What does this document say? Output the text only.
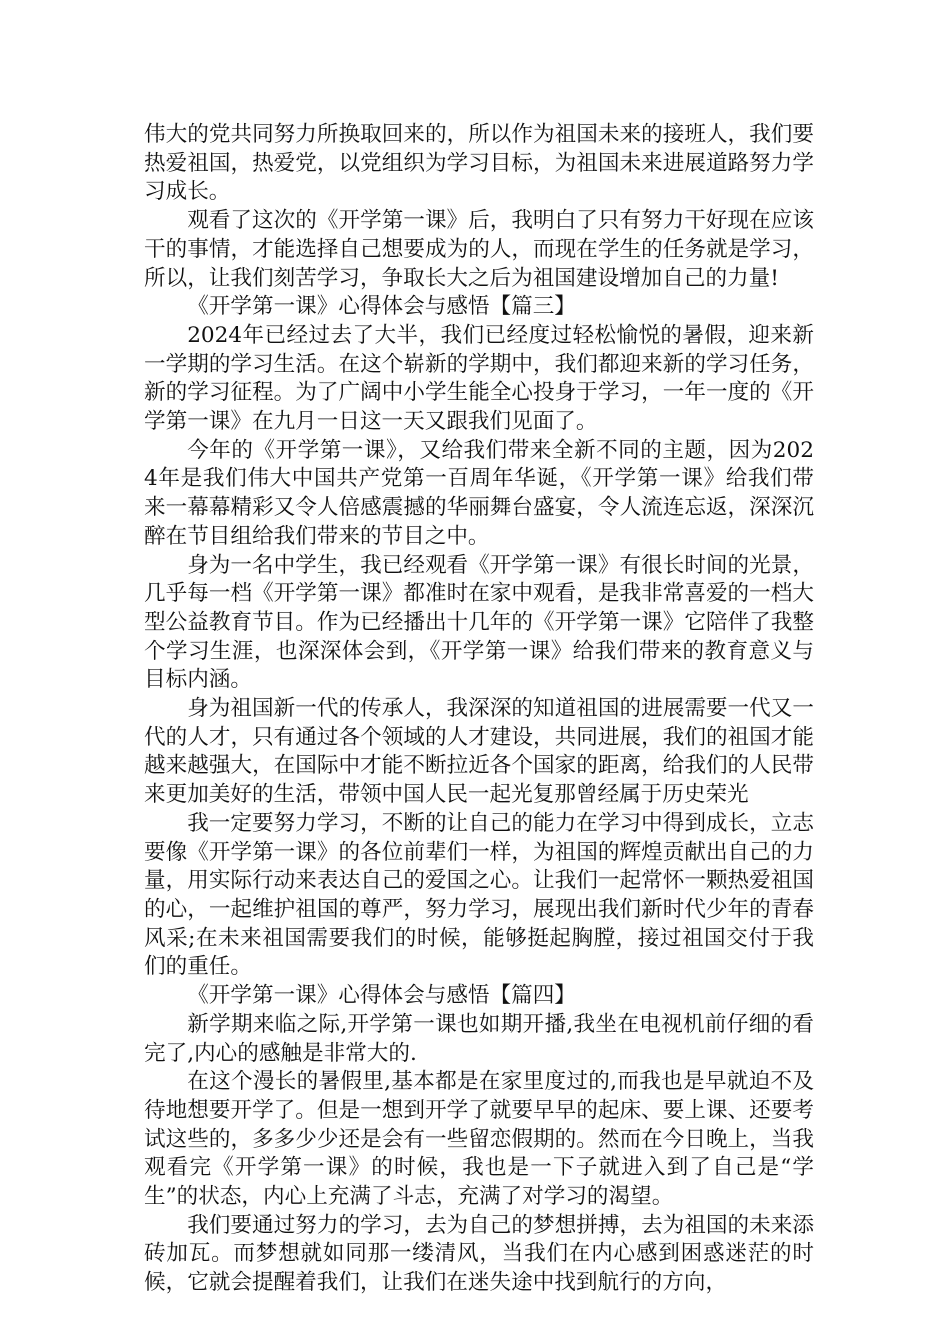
伟大的党共同努力所换取回来的，所以作为祖国未来的接班人，我们要热爱祖国，热爱党，以党组织为学习目标，为祖国未来进展道路努力学习成长。

观看了这次的《开学第一课》后，我明白了只有努力干好现在应该干的事情，才能选择自己想要成为的人，而现在学生的任务就是学习，所以，让我们刻苦学习，争取长大之后为祖国建设增加自己的力量!

《开学第一课》心得体会与感悟【篇三】

2024年已经过去了大半，我们已经度过轻松愉悦的暑假，迎来新一学期的学习生活。在这个崭新的学期中，我们都迎来新的学习任务，新的学习征程。为了广阔中小学生能全心投身于学习，一年一度的《开学第一课》在九月一日这一天又跟我们见面了。

今年的《开学第一课》，又给我们带来全新不同的主题，因为2024年是我们伟大中国共产党第一百周年华诞，《开学第一课》给我们带来一幕幕精彩又令人倍感震撼的华丽舞台盛宴，令人流连忘返，深深沉醉在节目组给我们带来的节目之中。

身为一名中学生，我已经观看《开学第一课》有很长时间的光景，几乎每一档《开学第一课》都准时在家中观看，是我非常喜爱的一档大型公益教育节目。作为已经播出十几年的《开学第一课》它陪伴了我整个学习生涯，也深深体会到，《开学第一课》给我们带来的教育意义与目标内涵。

身为祖国新一代的传承人，我深深的知道祖国的进展需要一代又一代的人才，只有通过各个领域的人才建设，共同进展，我们的祖国才能越来越强大，在国际中才能不断拉近各个国家的距离，给我们的人民带来更加美好的生活，带领中国人民一起光复那曾经属于历史荣光

我一定要努力学习，不断的让自己的能力在学习中得到成长，立志要像《开学第一课》的各位前辈们一样，为祖国的辉煌贡献出自己的力量，用实际行动来表达自己的爱国之心。让我们一起常怀一颗热爱祖国的心，一起维护祖国的尊严，努力学习，展现出我们新时代少年的青春风采;在未来祖国需要我们的时候，能够挺起胸膛，接过祖国交付于我们的重任。

《开学第一课》心得体会与感悟【篇四】

新学期来临之际,开学第一课也如期开播,我坐在电视机前仔细的看完了,内心的感触是非常大的.

在这个漫长的暑假里,基本都是在家里度过的,而我也是早就迫不及待地想要开学了。但是一想到开学了就要早早的起床、要上课、还要考试这些的，多多少少还是会有一些留恋假期的。然而在今日晚上，当我观看完《开学第一课》的时候，我也是一下子就进入到了自己是“学生”的状态，内心上充满了斗志，充满了对学习的渴望。

我们要通过努力的学习，去为自己的梦想拼搏，去为祖国的未来添砖加瓦。而梦想就如同那一缕清风，当我们在内心感到困惑迷茫的时候，它就会提醒着我们，让我们在迷失途中找到航行的方向，
